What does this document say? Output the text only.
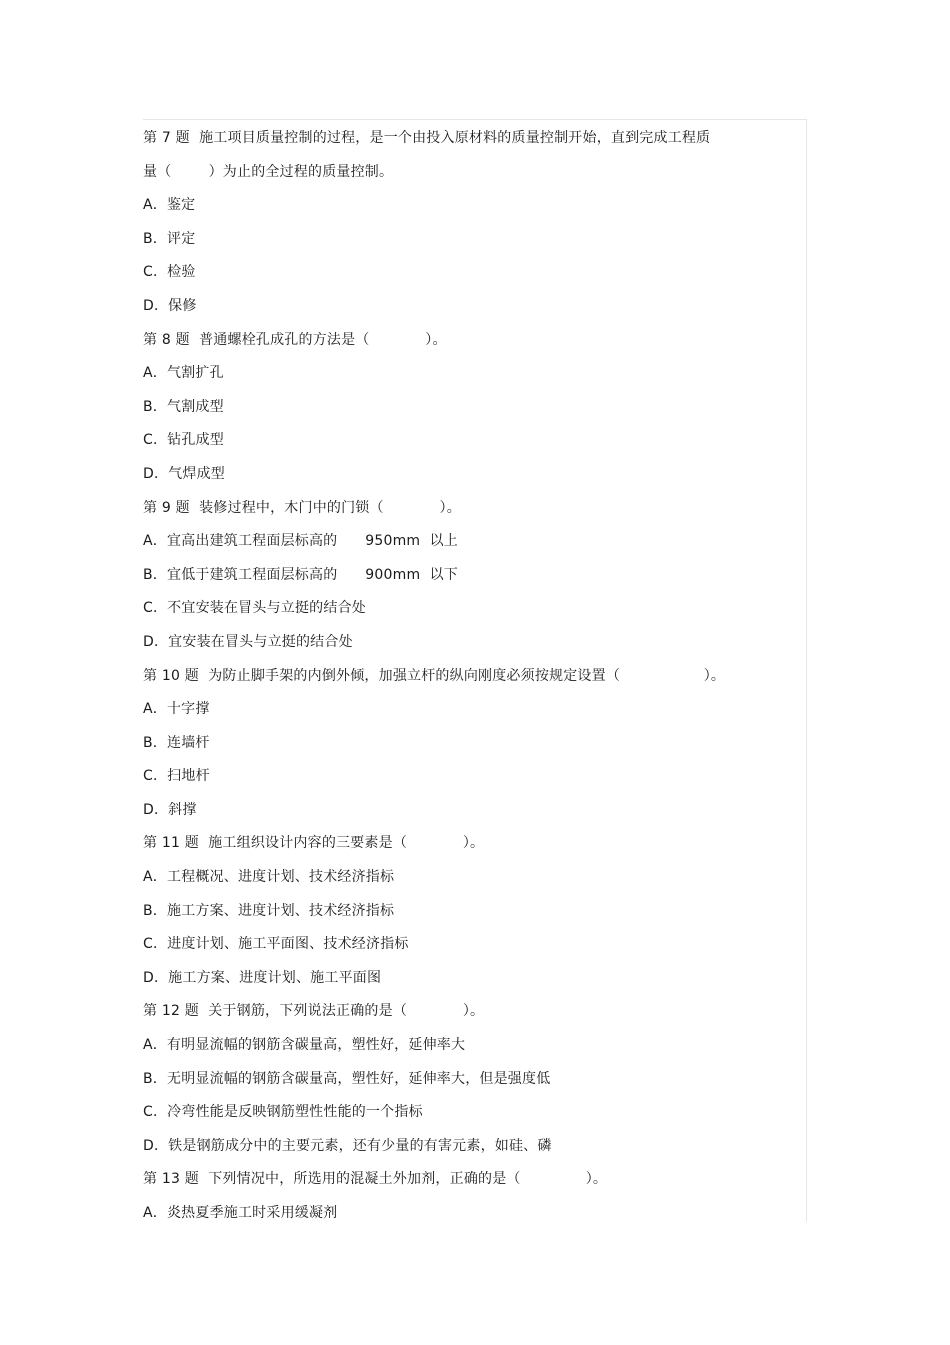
第 7 题  施工项目质量控制的过程，是一个由投入原材料的质量控制开始，直到完成工程质
量（        ）为止的全过程的质量控制。
A．鉴定
B．评定
C．检验
D．保修
第 8 题  普通螺栓孔成孔的方法是（            ）。
A．气割扩孔
B．气割成型
C．钻孔成型
D．气焊成型
第 9 题  装修过程中，木门中的门锁（            ）。
A．宜高出建筑工程面层标高的      950mm  以上
B．宜低于建筑工程面层标高的      900mm  以下
C．不宜安装在冒头与立挺的结合处
D．宜安装在冒头与立挺的结合处
第 10 题  为防止脚手架的内倒外倾，加强立杆的纵向刚度必须按规定设置（                  ）。
A．十字撑
B．连墙杆
C．扫地杆
D．斜撑
第 11 题  施工组织设计内容的三要素是（            ）。
A．工程概况、进度计划、技术经济指标
B．施工方案、进度计划、技术经济指标
C．进度计划、施工平面图、技术经济指标
D．施工方案、进度计划、施工平面图
第 12 题  关于钢筋，下列说法正确的是（            ）。
A．有明显流幅的钢筋含碳量高，塑性好，延伸率大
B．无明显流幅的钢筋含碳量高，塑性好，延伸率大，但是强度低
C．冷弯性能是反映钢筋塑性性能的一个指标
D．铁是钢筋成分中的主要元素，还有少量的有害元素，如硅、磷
第 13 题  下列情况中，所选用的混凝土外加剂，正确的是（              ）。
A．炎热夏季施工时采用缓凝剂
